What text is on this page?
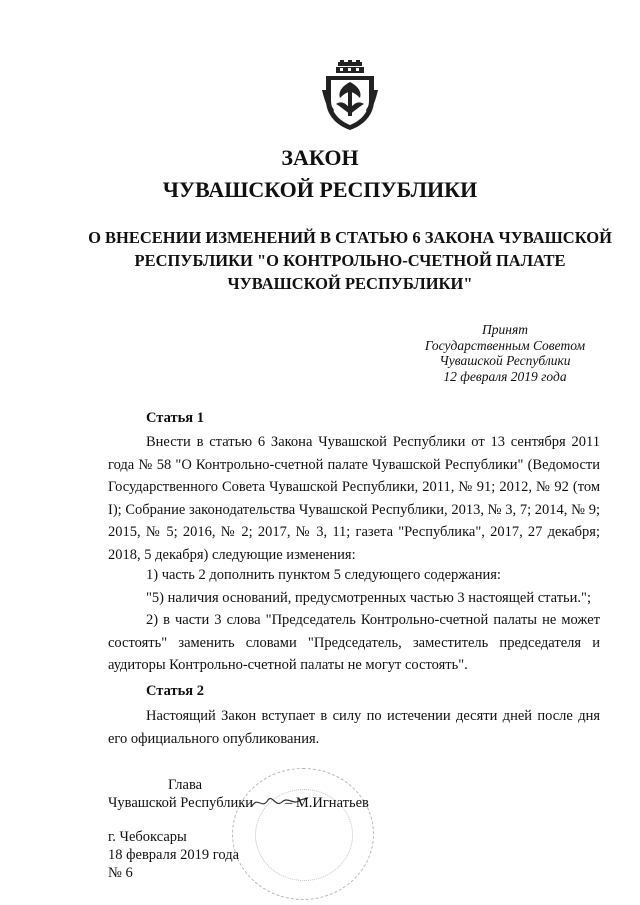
ЗАКОН
ЧУВАШСКОЙ РЕСПУБЛИКИ
О ВНЕСЕНИИ ИЗМЕНЕНИЙ В СТАТЬЮ 6 ЗАКОНА ЧУВАШСКОЙ РЕСПУБЛИКИ "О КОНТРОЛЬНО-СЧЕТНОЙ ПАЛАТЕ ЧУВАШСКОЙ РЕСПУБЛИКИ"
Принят
Государственным Советом
Чувашской Республики
12 февраля 2019 года
Статья 1

Внести в статью 6 Закона Чувашской Республики от 13 сентября 2011 года № 58 "О Контрольно-счетной палате Чувашской Республики" (Ведомости Государственного Совета Чувашской Республики, 2011, № 91; 2012, № 92 (том I); Собрание законодательства Чувашской Республики, 2013, № 3, 7; 2014, № 9; 2015, № 5; 2016, № 2; 2017, № 3, 11; газета "Республика", 2017, 27 декабря; 2018, 5 декабря) следующие изменения:

1) часть 2 дополнить пунктом 5 следующего содержания:

"5) наличия оснований, предусмотренных частью 3 настоящей статьи.";

2) в части 3 слова "Председатель Контрольно-счетной палаты не может состоять" заменить словами "Председатель, заместитель председателя и аудиторы Контрольно-счетной палаты не могут состоять".

Статья 2

Настоящий Закон вступает в силу по истечении десяти дней после дня его официального опубликования.

Глава
Чувашской Республики – М.Игнатьев
г. Чебоксары
18 февраля 2019 года
№ 6
